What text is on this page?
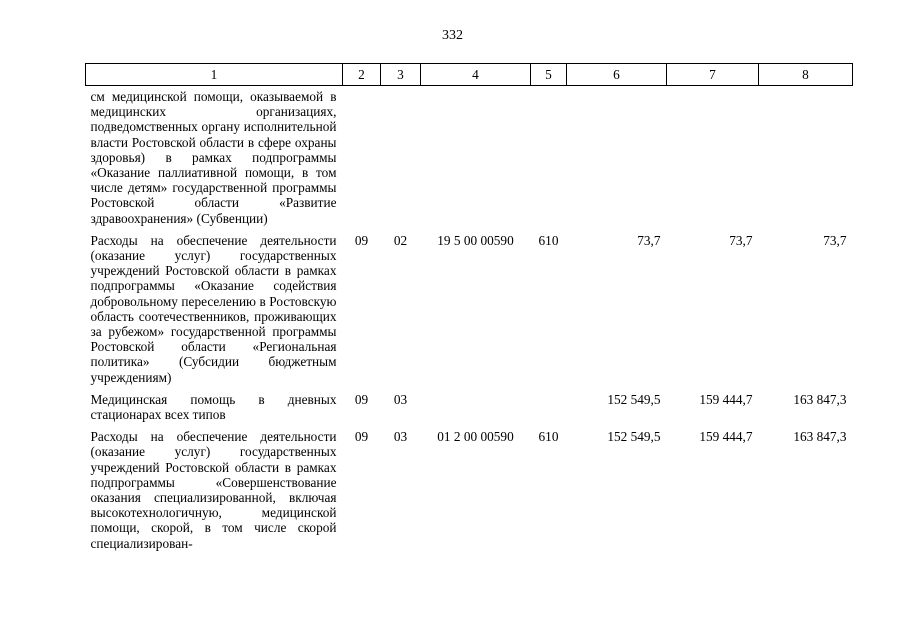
332
1	2	3	4	5	6	7	8
см медицинской помощи, оказываемой в медицинских организациях, подведомственных органу исполнительной власти Ростовской области в сфере охраны здоровья) в рамках подпрограммы «Оказание паллиативной помощи, в том числе детям» государственной программы Ростовской области «Развитие здравоохранения» (Субвенции)							
Расходы на обеспечение деятельности (оказание услуг) государственных учреждений Ростовской области в рамках подпрограммы «Оказание содействия добровольному переселению в Ростовскую область соотечественников, проживающих за рубежом» государственной программы Ростовской области «Региональная политика» (Субсидии бюджетным учреждениям)	09	02	19 5 00 00590	610	73,7	73,7	73,7
Медицинская помощь в дневных стационарах всех типов	09	03			152 549,5	159 444,7	163 847,3
Расходы на обеспечение деятельности (оказание услуг) государственных учреждений Ростовской области в рамках подпрограммы «Совершенствование оказания специализированной, включая высокотехнологичную, медицинской помощи, скорой, в том числе скорой специализирован-	09	03	01 2 00 00590	610	152 549,5	159 444,7	163 847,3
